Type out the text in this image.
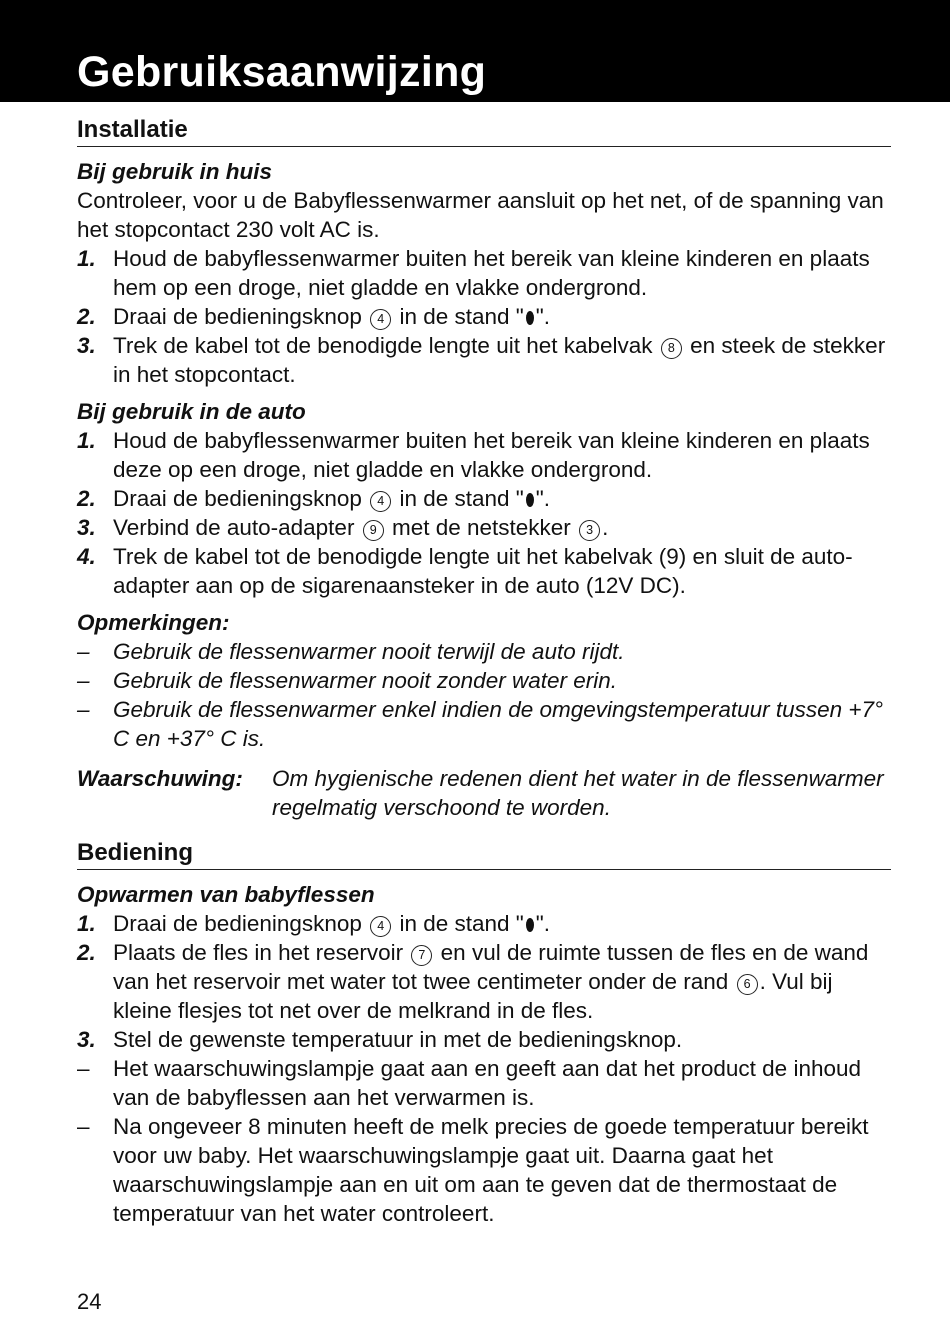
Gebruiksaanwijzing
Installatie
Bij gebruik in huis
Controleer, voor u de Babyflessenwarmer aansluit op het net, of de spanning van het stopcontact 230 volt AC is.
1. Houd de babyflessenwarmer buiten het bereik van kleine kinderen en plaats hem op een droge, niet gladde en vlakke ondergrond.
2. Draai de bedieningsknop 4 in de stand " ".
3. Trek de kabel tot de benodigde lengte uit het kabelvak 8 en steek de stekker in het stopcontact.
Bij gebruik in de auto
1. Houd de babyflessenwarmer buiten het bereik van kleine kinderen en plaats deze op een droge, niet gladde en vlakke ondergrond.
2. Draai de bedieningsknop 4 in de stand " ".
3. Verbind de auto-adapter 9 met de netstekker 3 .
4. Trek de kabel tot de benodigde lengte uit het kabelvak (9) en sluit de auto-adapter aan op de sigarenaansteker in de auto (12V DC).
Opmerkingen:
–	Gebruik de flessenwarmer nooit terwijl de auto rijdt.
–	Gebruik de flessenwarmer nooit zonder water erin.
–	Gebruik de flessenwarmer enkel indien de omgevingstemperatuur tussen +7° C en +37° C is.
Waarschuwing:	Om hygienische redenen dient het water in de flessenwarmer regelmatig verschoond te worden.
Bediening
Opwarmen van babyflessen
1. Draai de bedieningsknop 4 in de stand " ".
2. Plaats de fles in het reservoir 7 en vul de ruimte tussen de fles en de wand van het reservoir met water tot twee centimeter onder de rand 6 . Vul bij kleine flesjes tot net over de melkrand in de fles.
3. Stel de gewenste temperatuur in met de bedieningsknop.
–	Het waarschuwingslampje gaat aan en geeft aan dat het product de inhoud van de babyflessen aan het verwarmen is.
–	Na ongeveer 8 minuten heeft de melk precies de goede temperatuur bereikt voor uw baby. Het waarschuwingslampje gaat uit. Daarna gaat het waarschuwingslampje aan en uit om aan te geven dat de thermostaat de temperatuur van het water controleert.
24
